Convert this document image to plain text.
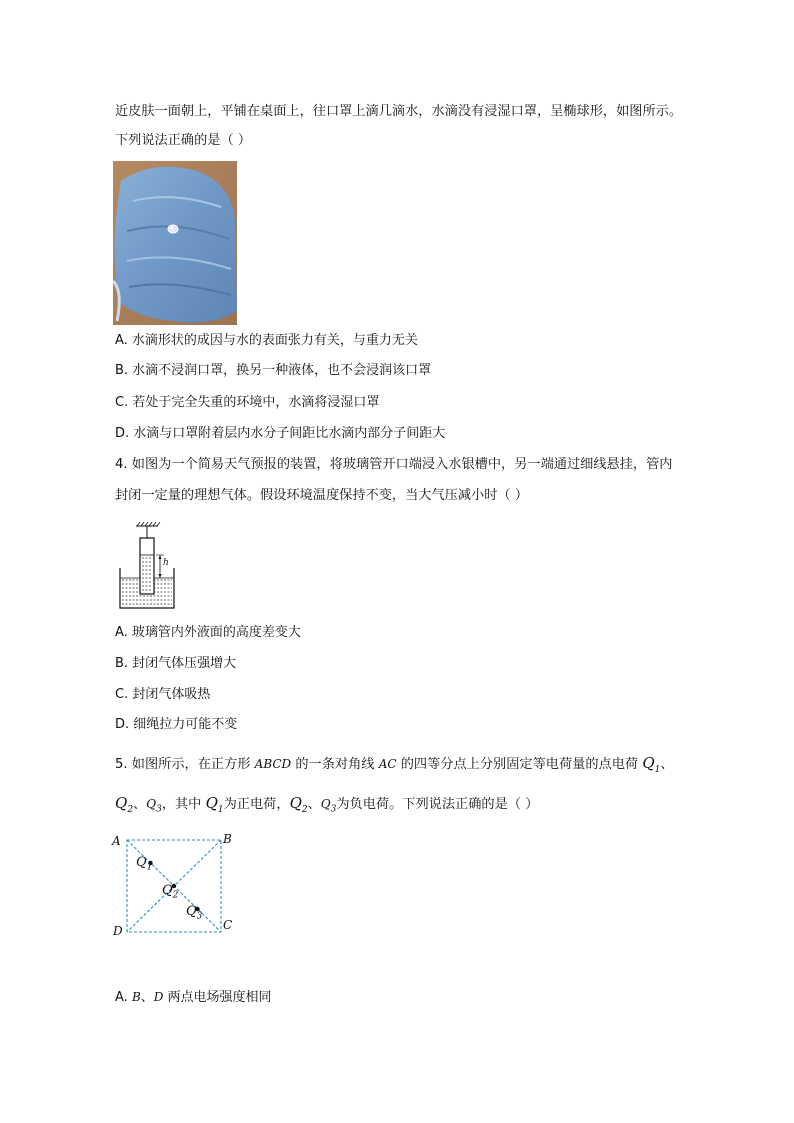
近皮肤一面朝上，平铺在桌面上，往口罩上滴几滴水，水滴没有浸湿口罩，呈椭球形，如图所示。
下列说法正确的是（ ）
A. 水滴形状的成因与水的表面张力有关，与重力无关
B. 水滴不浸润口罩，换另一种液体，也不会浸润该口罩
C. 若处于完全失重的环境中，水滴将浸湿口罩
D. 水滴与口罩附着层内水分子间距比水滴内部分子间距大
4. 如图为一个简易天气预报的装置，将玻璃管开口端浸入水银槽中，另一端通过细线悬挂，管内
封闭一定量的理想气体。假设环境温度保持不变，当大气压减小时（ ）
h
A. 玻璃管内外液面的高度差变大
B. 封闭气体压强增大
C. 封闭气体吸热
D. 细绳拉力可能不变
5. 如图所示，在正方形 ABCD 的一条对角线 AC 的四等分点上分别固定等电荷量的点电荷 $Q_1$、
$Q_2$、$Q_3$，其中 $Q_1$为正电荷，$Q_2$、$Q_3$为负电荷。下列说法正确的是（ ）
A	B
C
D
$Q_1$
$Q_2$
$Q_3$
A. B、D 两点电场强度相同
